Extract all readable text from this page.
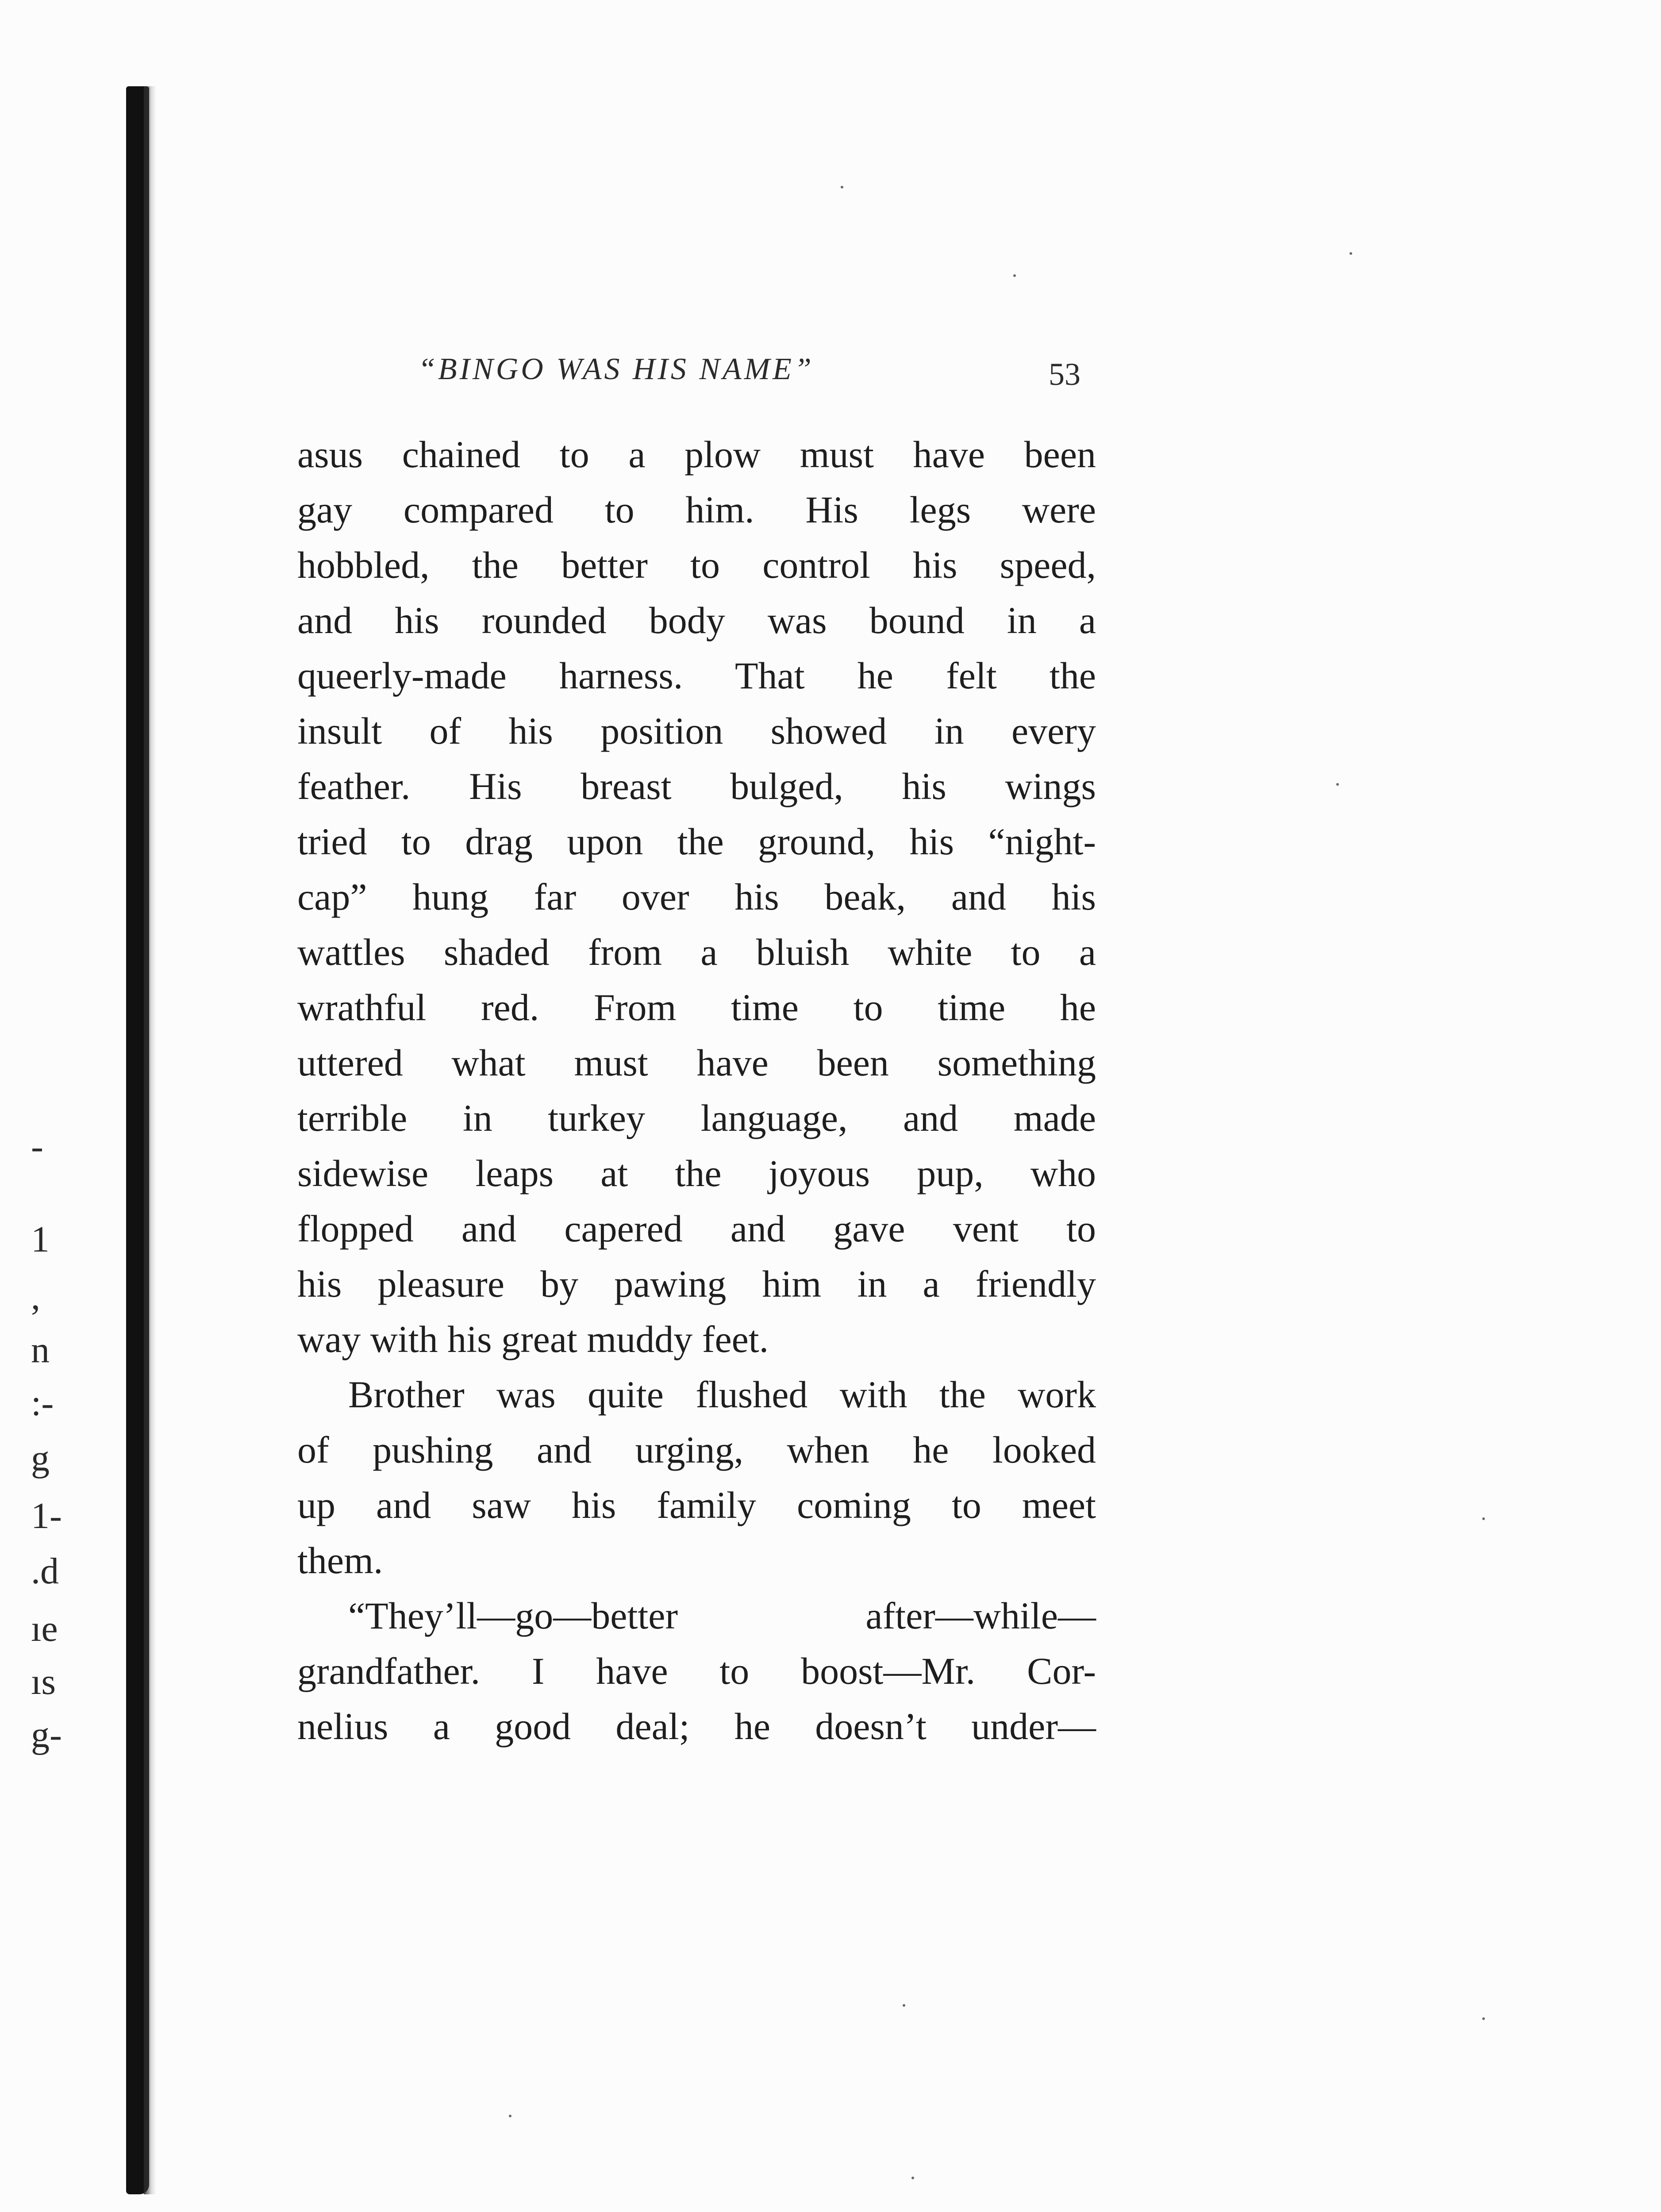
-
1
,
n
:-
g
1-
.d
ıe
ıs
g-
“BINGO WAS HIS NAME”	53
asus chained to a plow must have been
gay compared to him. His legs were
hobbled, the better to control his speed,
and his rounded body was bound in a
queerly-made harness. That he felt the
insult of his position showed in every
feather. His breast bulged, his wings
tried to drag upon the ground, his “night-
cap” hung far over his beak, and his
wattles shaded from a bluish white to a
wrathful red. From time to time he
uttered what must have been something
terrible in turkey language, and made
sidewise leaps at the joyous pup, who
flopped and capered and gave vent to
his pleasure by pawing him in a friendly
way with his great muddy feet.
Brother was quite flushed with the work
of pushing and urging, when he looked
up and saw his family coming to meet
them.
“They’ll—go—better after—while—
grandfather. I have to boost—Mr. Cor-
nelius a good deal; he doesn’t under—
